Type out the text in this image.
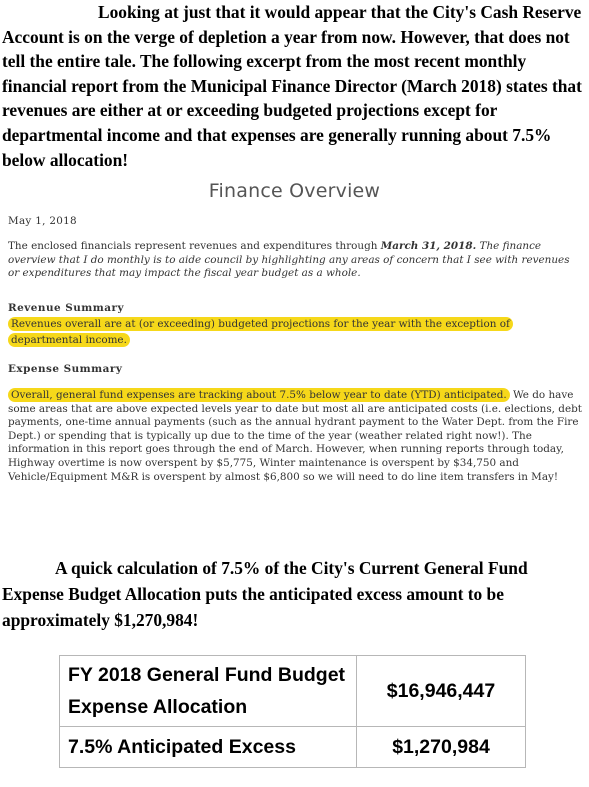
Looking at just that it would appear that the City's Cash Reserve Account is on the verge of depletion a year from now. However, that does not tell the entire tale. The following excerpt from the most recent monthly financial report from the Municipal Finance Director (March 2018) states that revenues are either at or exceeding budgeted projections except for departmental income and that expenses are generally running about 7.5% below allocation!

Finance Overview
May 1, 2018
The enclosed financials represent revenues and expenditures through March 31, 2018. The finance overview that I do monthly is to aide council by highlighting any areas of concern that I see with revenues or expenditures that may impact the fiscal year budget as a whole.
Revenue Summary
Revenues overall are at (or exceeding) budgeted projections for the year with the exception of departmental income.
Expense Summary
Overall, general fund expenses are tracking about 7.5% below year to date (YTD) anticipated. We do have some areas that are above expected levels year to date but most all are anticipated costs (i.e. elections, debt payments, one-time annual payments (such as the annual hydrant payment to the Water Dept. from the Fire Dept.) or spending that is typically up due to the time of the year (weather related right now!). The information in this report goes through the end of March. However, when running reports through today, Highway overtime is now overspent by $5,775, Winter maintenance is overspent by $34,750 and Vehicle/Equipment M&R is overspent by almost $6,800 so we will need to do line item transfers in May!

A quick calculation of 7.5% of the City's Current General Fund Expense Budget Allocation puts the anticipated excess amount to be approximately $1,270,984!

FY 2018 General Fund Budget Expense Allocation	$16,946,447
7.5% Anticipated Excess	$1,270,984
